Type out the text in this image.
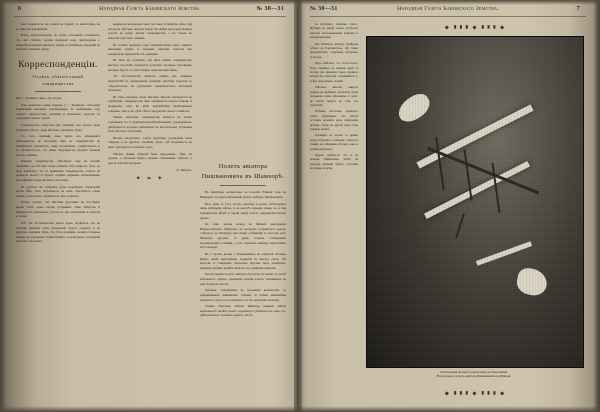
6	Народная Газета Бакинскаго Земства.	№ 30—31

ной полежеть въ ея полной въ борьбѣ съ пьянствомъ, въ ея тяжелой жертвенной.

Наши корреспонденты въ этомъ отношеніи сообщаютъ, что они собрали тысячи подписей подъ приговорами о закрытіи казенныхъ винныхъ лавокъ и питейныхъ заведеній во многихъ селеніяхъ уѣзда.

Корреспонденціи.
Отдѣлъ обязательный товарищества

Изъ с. Троицкаго пив.—ки 14 дек.

Для сказаннаго выше порядка у с. Троицкаго, благодаря бакинскимъ земскимъ учрежденіямъ, въ нынѣшнемъ году открыто двухклассное училище и назначены средства на содержаніе новаго зданія.

Товарищество общества при училищѣ уже начало свою полезную работу среди мѣстнаго населенія уѣзда.

Съ этого времени, какъ видно изъ начавшейся дѣятельности, въ населеніи вѣра въ товарищество ко значительно упрочилась, чему, несомнѣнно, содѣйствовало и то обстоятельство, что лавка товарищества дѣлаетъ большія льготы членамъ.

Конечно товарищество дѣйствуетъ еще не вполнѣ правильно, не всѣ еще члены усвоили себѣ сущность дѣла, но надо надѣяться, что со временемъ товарищество станетъ на должную высоту и будетъ служить вѣрнымъ проводникомъ просвѣщенія среди мѣстнаго населенія.

Въ другихъ же селеніяхъ уѣзда подобныхъ учрежденій почти нѣтъ, хотя потребность въ нихъ чувствуется очень сильно и населеніе стремится къ ихъ открытію.

Нужно сказать, что мѣстные крестьяне въ послѣднее время стали очень охотно устраивать такія общества и принимаютъ дѣятельное участіе въ ихъ управленіи и надзорѣ за ними.

Всѣ эти обстоятельства даютъ право надѣяться, что въ скоромъ времени такія учрежденія будутъ открыты и въ другихъ селеніяхъ уѣзда, что, безъ сомнѣнія, окажетъ большое вліяніе на улучшеніе хозяйственнаго и культурнаго положенія мѣстнаго населенія.

видимому желательно было бы такое устройство дѣла, при которомъ мѣстные жители могли бы имѣть непосредственное участіе во всѣхъ дѣлахъ товарищества, а не только въ качествѣ простыхъ членовъ.

Въ теченіе прошлаго года товариществомъ было открыто нѣсколько лавокъ и складовъ, причемъ обороты ихъ значительно превысили всѣ ожиданія.

Въ тѣхъ же селеніяхъ, гдѣ нѣтъ лавокъ товарищества, мѣстное населеніе пользуется услугами частныхъ торговцевъ, которые берутъ за свои товары очень высокія цѣны.

Это обстоятельство является однимъ изъ главныхъ препятствій къ правильному развитію мѣстной торговли и, слѣдовательно, къ улучшенію экономическаго положенія населенія.

Въ тѣхъ случаяхъ, когда мѣстные жители обращаются къ содѣйствію товарищества, имъ оказывается всякая помощь и поддержка, какъ въ дѣлѣ пріобрѣтенія необходимыхъ товаровъ, такъ и въ дѣлѣ сбыта продуктовъ своего хозяйства.

Такимъ образомъ, товарищество является не только торговымъ, но и культурно-просвѣтительнымъ учрежденіемъ, дѣятельность котораго направлена на всестороннее улучшеніе быта мѣстнаго населенія.

Весьма желательно, чтобы подобныя учрежденія были открыты и въ другихъ селеніяхъ уѣзда, гдѣ потребность въ нихъ чувствуется особенно остро.

Мѣсяцъ жизни собранія была продолженъ, тѣмъ же духомъ, о которомъ будетъ дальше собраннымъ сдѣлано; а другія торговли которыя.

Е. Зайцевъ.
✦ ❧ ✦
Полетъ авіатора Пишвановича въ Шамхорѣ.

Въ минувшее воскресенье на поселкѣ Южной горы въ Шамхорѣ состоялся публичный полетъ авіатора Пишвановича.

Весь день съ утра погода хорошая и ясная, наблюдались лишь небольшіе вѣтры, и на высотѣ подъема дождь, но и при порывистомъ вѣтрѣ и сырой землѣ полетъ совершился вполнѣ удачно.

Къ семи часамъ вечера на бивуакѣ циклодрома Новороссійскаго Общества, въ которомъ устраивался полетъ, собралось до Шамхора при ясной освѣщеніи съ мостовъ весь Шамхоръ кругомъ, съ двухъ сторонъ освѣщенный прожекторами и огнями, а гулъ паровыхъ машинъ переполнялъ всѣ площади.

Въ 7 часовъ вечера г. Пишвановичъ на аппаратѣ системы Блеріо своей конструкціи, поднялся на высоту около 150 метровъ и совершилъ нѣсколько круговъ надъ площадью, причемъ публика привѣтствовала его громкими криками.

Послѣ перваго полета авіаторъ спустился на землю и, послѣ небольшого отдыха, совершилъ второй полетъ, поднявшись на еще большую высоту.

Публика, собравшаяся въ большомъ количествѣ, съ напряженнымъ вниманіемъ слѣдила за всѣми движеніями аппарата и долго не расходилась послѣ окончанія полетовъ.

Такимъ образомъ, жители Шамхора впервые имѣли возможность видѣть полетъ аэроплана и убѣдиться въ томъ, что дѣйствительно человѣкъ можетъ летать.

№ 30—31	Народная Газета Бакинскаго Земства.	7

на встрѣшаго промѣнъ гонаго. Публика въ концѣ сеанса встрѣчала авіатора восторженными кликами и аплодисментами.

Изъ Шамхора авіаторъ намѣренъ отбыть въ Елисаветполь, гдѣ также предполагаетъ совершить нѣсколько полетовъ.

Надо замѣтить, что этотъ полетъ былъ первымъ въ нашемъ краѣ, и потому онъ привлекъ такое огромное количество зрителей, собравшихся со всѣхъ окрестныхъ селеній.

Мѣстные жители, никогда раньше не видѣвшіе аэроплана, были поражены этимъ зрѣлищемъ и долго не могли придти въ себя отъ изумленія.

Публика настолько увлеклась этимъ зрѣлищемъ, что многіе остались ночевать подъ открытымъ небомъ, чтобы на другой день снова увидѣть полетъ.

Очевидно не далеко то время, когда воздушное сообщеніе сдѣлается такимъ же обычнымъ дѣломъ, какъ и желѣзнодорожное.

Будемъ надѣяться, что и въ нашемъ Бакинскомъ уѣздѣ въ скоромъ времени будутъ устроены подобные полеты.

⬥ ▮▮▮ ⬥ ▮▮▮ ⬥
Летательный аппаратъ (аэропланъ) системы Капри.
На которомъ летаетъ авіаторъ Пишвановичъ въ Южной.
⬥ ▮▮▮ ⬥ ▮▮▮ ⬥
